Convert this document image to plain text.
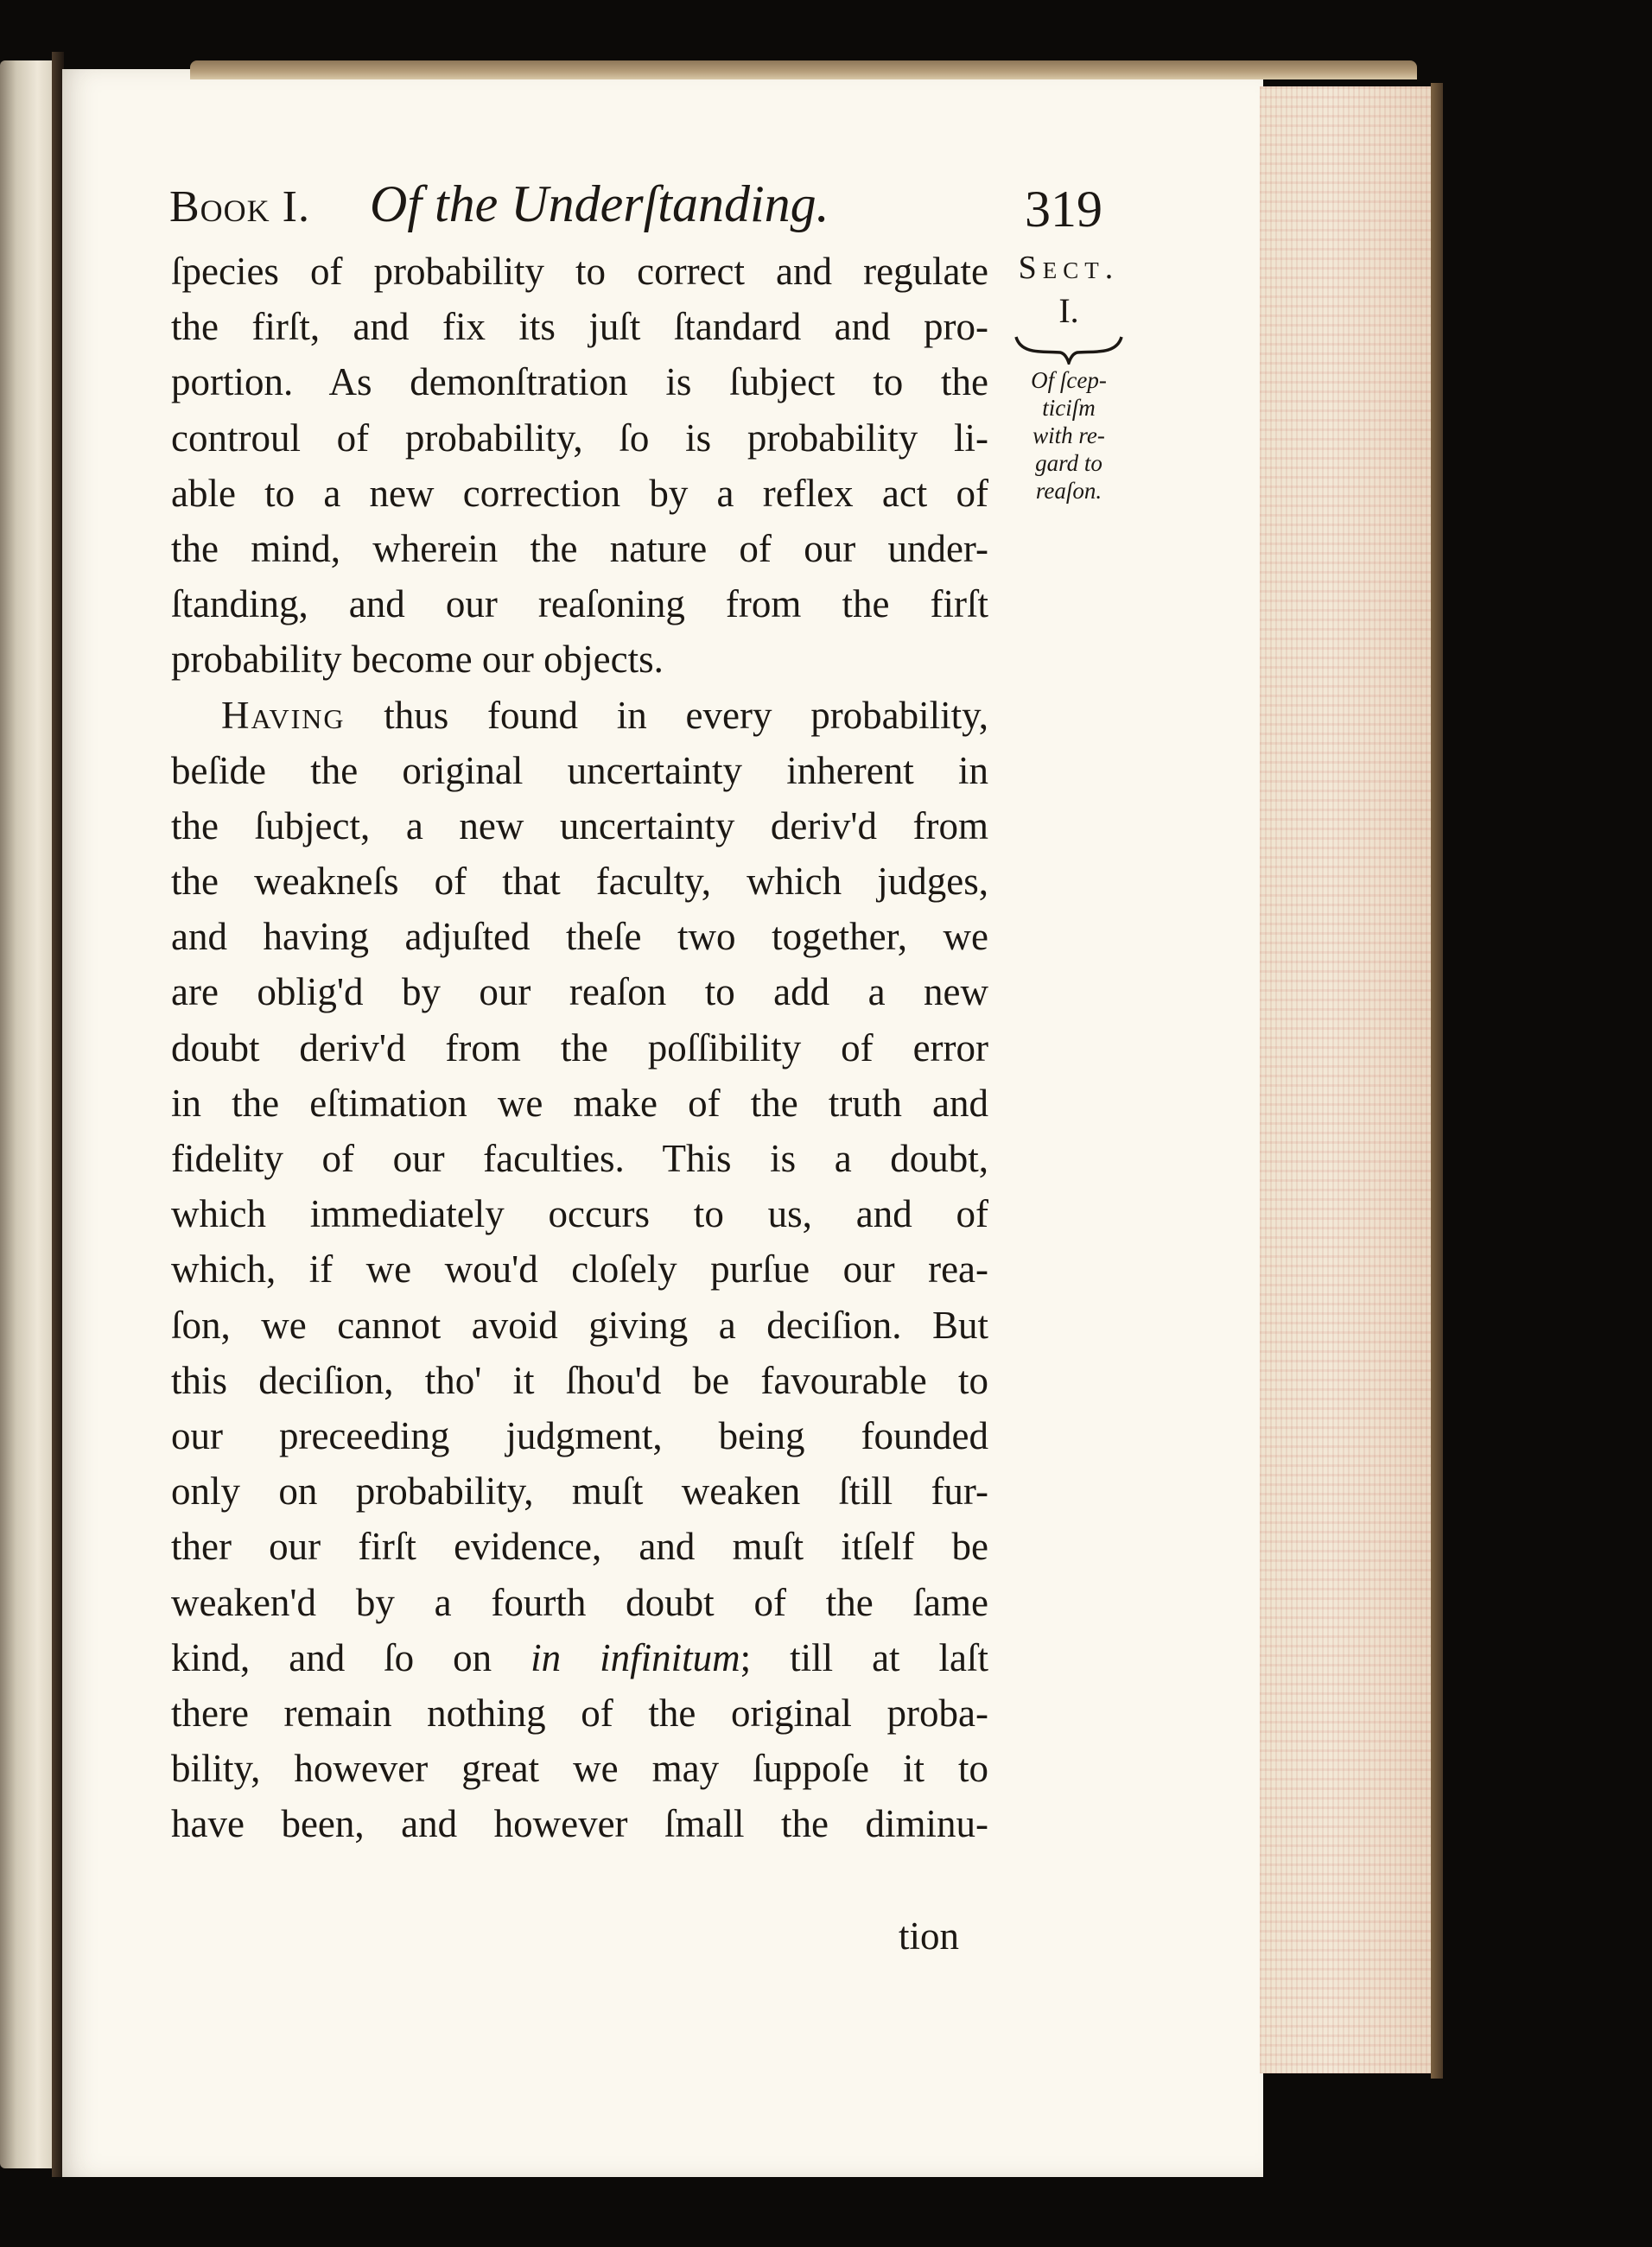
Book I. Of the Underſtanding.	319
ſpecies of probability to correct and regulate
the firſt, and fix its juſt ſtandard and pro-
portion. As demonſtration is ſubject to the
controul of probability, ſo is probability li-
able to a new correction by a reflex act of
the mind, wherein the nature of our under-
ſtanding, and our reaſoning from the firſt
probability become our objects.
Having thus found in every probability,
beſide the original uncertainty inherent in
the ſubject, a new uncertainty deriv'd from
the weakneſs of that faculty, which judges,
and having adjuſted theſe two together, we
are oblig'd by our reaſon to add a new
doubt deriv'd from the poſſibility of error
in the eſtimation we make of the truth and
fidelity of our faculties. This is a doubt,
which immediately occurs to us, and of
which, if we wou'd cloſely purſue our rea-
ſon, we cannot avoid giving a deciſion. But
this deciſion, tho' it ſhou'd be favourable to
our preceeding judgment, being founded
only on probability, muſt weaken ſtill fur-
ther our firſt evidence, and muſt itſelf be
weaken'd by a fourth doubt of the ſame
kind, and ſo on in infinitum; till at laſt
there remain nothing of the original proba-
bility, however great we may ſuppoſe it to
have been, and however ſmall the diminu-
Sect.
I.
Of ſcep-
ticiſm
with re-
gard to
reaſon.
tion
